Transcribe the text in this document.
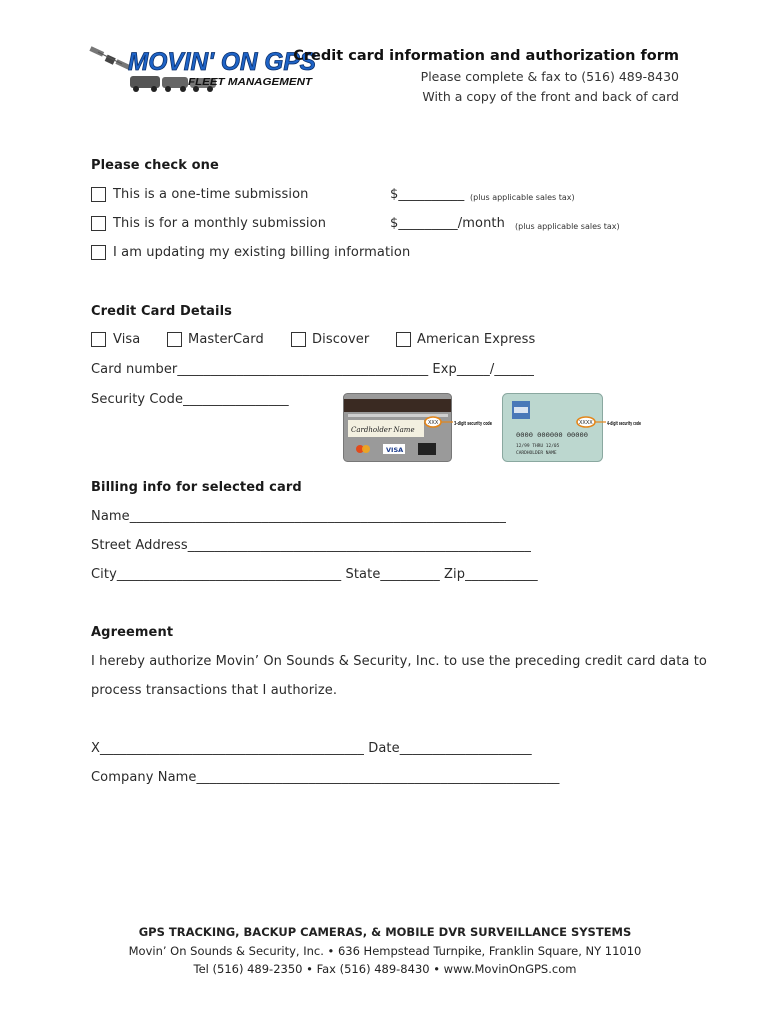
MOVIN' ON GPS
FLEET MANAGEMENT
Credit card information and authorization form
Please complete & fax to (516) 489-8430
With a copy of the front and back of card
Please check one
This is a one-time submission	$__________ (plus applicable sales tax)
This is for a monthly submission	$_________/month (plus applicable sales tax)
I am updating my existing billing information
Credit Card Details
Visa	MasterCard	Discover	American Express
Card number______________________________________ Exp_____/______
Security Code________________
Cardholder Name
XXX	3-digit security code
VISA
0000 000000 00000
12/99 THRU 12/05
CARDHOLDER NAME
XXXX	4-digit security code
Billing info for selected card
Name_________________________________________________________
Street Address____________________________________________________
City__________________________________ State_________ Zip___________
Agreement
I hereby authorize Movin’ On Sounds & Security, Inc. to use the preceding credit card data to
process transactions that I authorize.
X________________________________________ Date____________________
Company Name_______________________________________________________
GPS TRACKING, BACKUP CAMERAS, & MOBILE DVR SURVEILLANCE SYSTEMS
Movin’ On Sounds & Security, Inc. • 636 Hempstead Turnpike, Franklin Square, NY 11010
Tel (516) 489-2350 • Fax (516) 489-8430 • www.MovinOnGPS.com
